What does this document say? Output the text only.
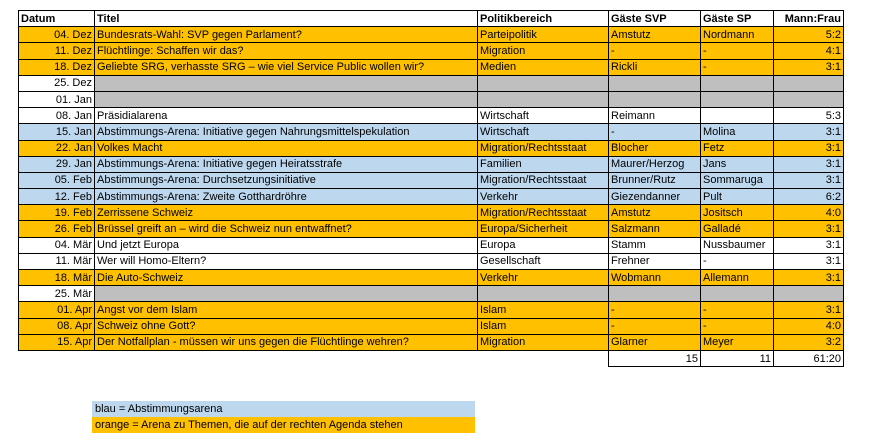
Datum	Titel	Politikbereich	Gäste SVP	Gäste SP	Mann:Frau
04. Dez	Bundesrats-Wahl: SVP gegen Parlament?	Parteipolitik	Amstutz	Nordmann	5:2
11. Dez	Flüchtlinge: Schaffen wir das?	Migration	-	-	4:1
18. Dez	Geliebte SRG, verhasste SRG – wie viel Service Public wollen wir?	Medien	Rickli	-	3:1
25. Dez					
01. Jan					
08. Jan	Präsidialarena	Wirtschaft	Reimann		5:3
15. Jan	Abstimmungs-Arena: Initiative gegen Nahrungsmittelspekulation	Wirtschaft	-	Molina	3:1
22. Jan	Volkes Macht	Migration/Rechtsstaat	Blocher	Fetz	3:1
29. Jan	Abstimmungs-Arena: Initiative gegen Heiratsstrafe	Familien	Maurer/Herzog	Jans	3:1
05. Feb	Abstimmungs-Arena: Durchsetzungsinitiative	Migration/Rechtsstaat	Brunner/Rutz	Sommaruga	3:1
12. Feb	Abstimmungs-Arena: Zweite Gotthardröhre	Verkehr	Giezendanner	Pult	6:2
19. Feb	Zerrissene Schweiz	Migration/Rechtsstaat	Amstutz	Jositsch	4:0
26. Feb	Brüssel greift an – wird die Schweiz nun entwaffnet?	Europa/Sicherheit	Salzmann	Galladé	3:1
04. Mär	Und jetzt Europa	Europa	Stamm	Nussbaumer	3:1
11. Mär	Wer will Homo-Eltern?	Gesellschaft	Frehner	-	3:1
18. Mär	Die Auto-Schweiz	Verkehr	Wobmann	Allemann	3:1
25. Mär					
01. Apr	Angst vor dem Islam	Islam	-	-	3:1
08. Apr	Schweiz ohne Gott?	Islam	-	-	4:0
15. Apr	Der Notfallplan - müssen wir uns gegen die Flüchtlinge wehren?	Migration	Glarner	Meyer	3:2
			15	11	61:20
blau = Abstimmungsarena
orange = Arena zu Themen, die auf der rechten Agenda stehen
